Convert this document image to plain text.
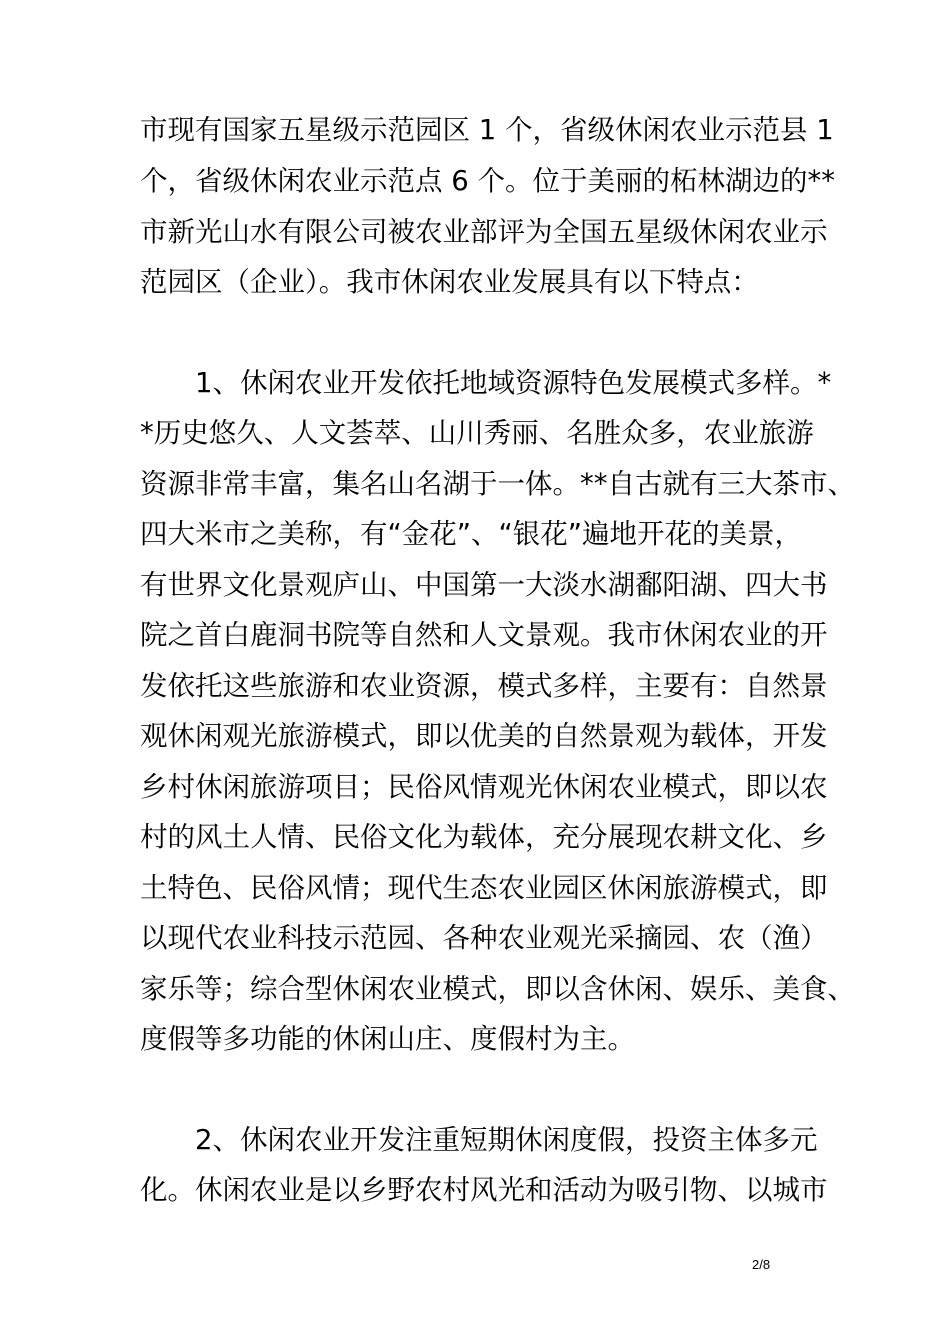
市现有国家五星级示范园区 1 个，省级休闲农业示范县 1
个，省级休闲农业示范点 6 个。位于美丽的柘林湖边的**
市新光山水有限公司被农业部评为全国五星级休闲农业示
范园区（企业）。我市休闲农业发展具有以下特点：
1、休闲农业开发依托地域资源特色发展模式多样。*
*历史悠久、人文荟萃、山川秀丽、名胜众多，农业旅游
资源非常丰富，集名山名湖于一体。**自古就有三大茶市、
四大米市之美称，有“金花”、“银花”遍地开花的美景，
有世界文化景观庐山、中国第一大淡水湖鄱阳湖、四大书
院之首白鹿洞书院等自然和人文景观。我市休闲农业的开
发依托这些旅游和农业资源，模式多样，主要有：自然景
观休闲观光旅游模式，即以优美的自然景观为载体，开发
乡村休闲旅游项目；民俗风情观光休闲农业模式，即以农
村的风土人情、民俗文化为载体，充分展现农耕文化、乡
土特色、民俗风情；现代生态农业园区休闲旅游模式，即
以现代农业科技示范园、各种农业观光采摘园、农（渔）
家乐等；综合型休闲农业模式，即以含休闲、娱乐、美食、
度假等多功能的休闲山庄、度假村为主。
2、休闲农业开发注重短期休闲度假，投资主体多元
化。休闲农业是以乡野农村风光和活动为吸引物、以城市
2/8
